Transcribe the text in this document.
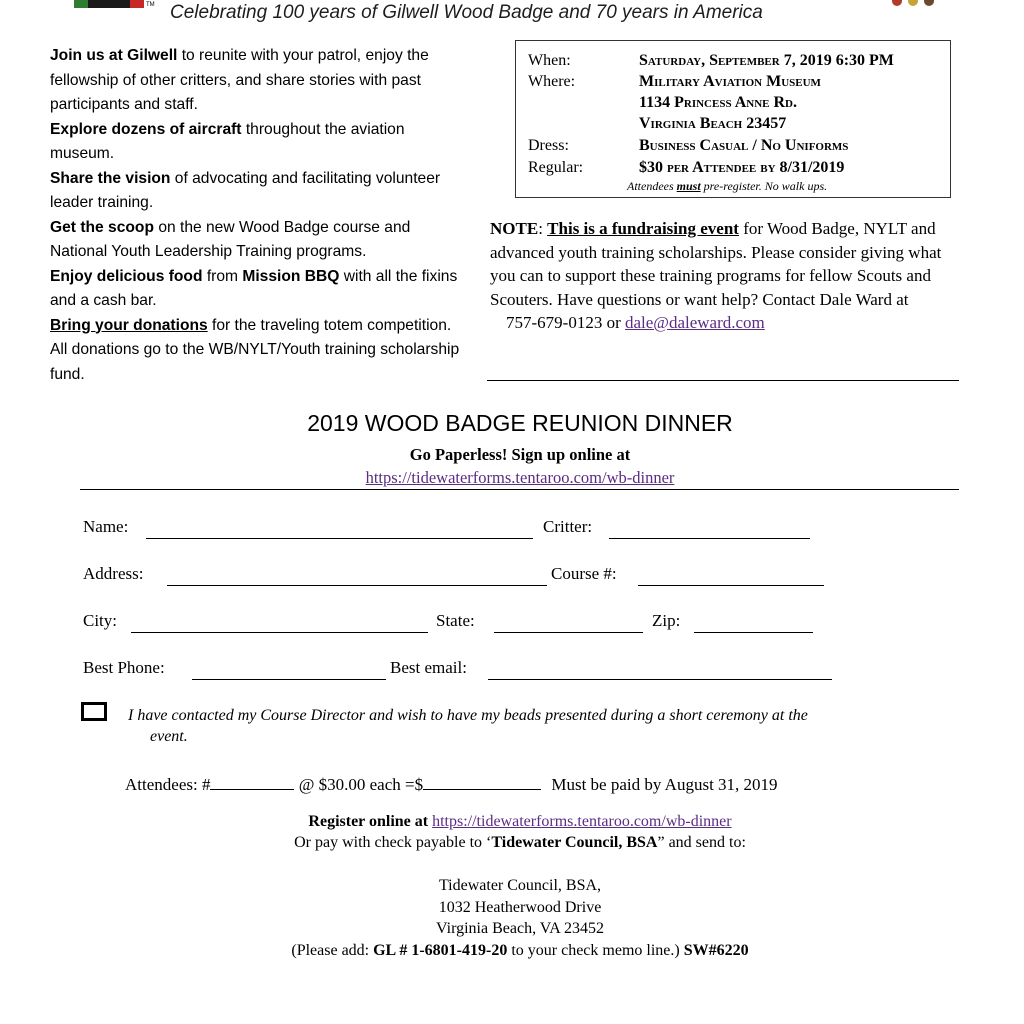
TM Celebrating 100 years of Gilwell Wood Badge and 70 years in America

Join us at Gilwell to reunite with your patrol, enjoy the fellowship of other critters, and share stories with past participants and staff.

Explore dozens of aircraft throughout the aviation museum.

Share the vision of advocating and facilitating volunteer leader training.

Get the scoop on the new Wood Badge course and National Youth Leadership Training programs.

Enjoy delicious food from Mission BBQ with all the fixins and a cash bar.

Bring your donations for the traveling totem competition. All donations go to the WB/NYLT/Youth training scholarship fund.

When:	Saturday, September 7, 2019 6:30 PM
Where:	Military Aviation Museum
1134 Princess Anne Rd.
Virginia Beach 23457
Dress:	Business Casual / No Uniforms
Regular:	$30 per Attendee by 8/31/2019
Attendees must pre-register. No walk ups.

NOTE: This is a fundraising event for Wood Badge, NYLT and advanced youth training scholarships. Please consider giving what you can to support these training programs for fellow Scouts and Scouters. Have questions or want help? Contact Dale Ward at

757-679-0123 or dale@daleward.com

2019 WOOD BADGE REUNION DINNER
Go Paperless! Sign up online at
https://tidewaterforms.tentaroo.com/wb-dinner
Name:	Critter:
Address:	Course #:
City:	State:	Zip:
Best Phone:	Best email:
I have contacted my Course Director and wish to have my beads presented during a short ceremony at the
event.
Attendees: #	@ $30.00 each =$	Must be paid by August 31, 2019
Register online at https://tidewaterforms.tentaroo.com/wb-dinner
Or pay with check payable to ‘Tidewater Council, BSA” and send to:
Tidewater Council, BSA,
1032 Heatherwood Drive
Virginia Beach, VA 23452
(Please add: GL # 1-6801-419-20 to your check memo line.) SW#6220
